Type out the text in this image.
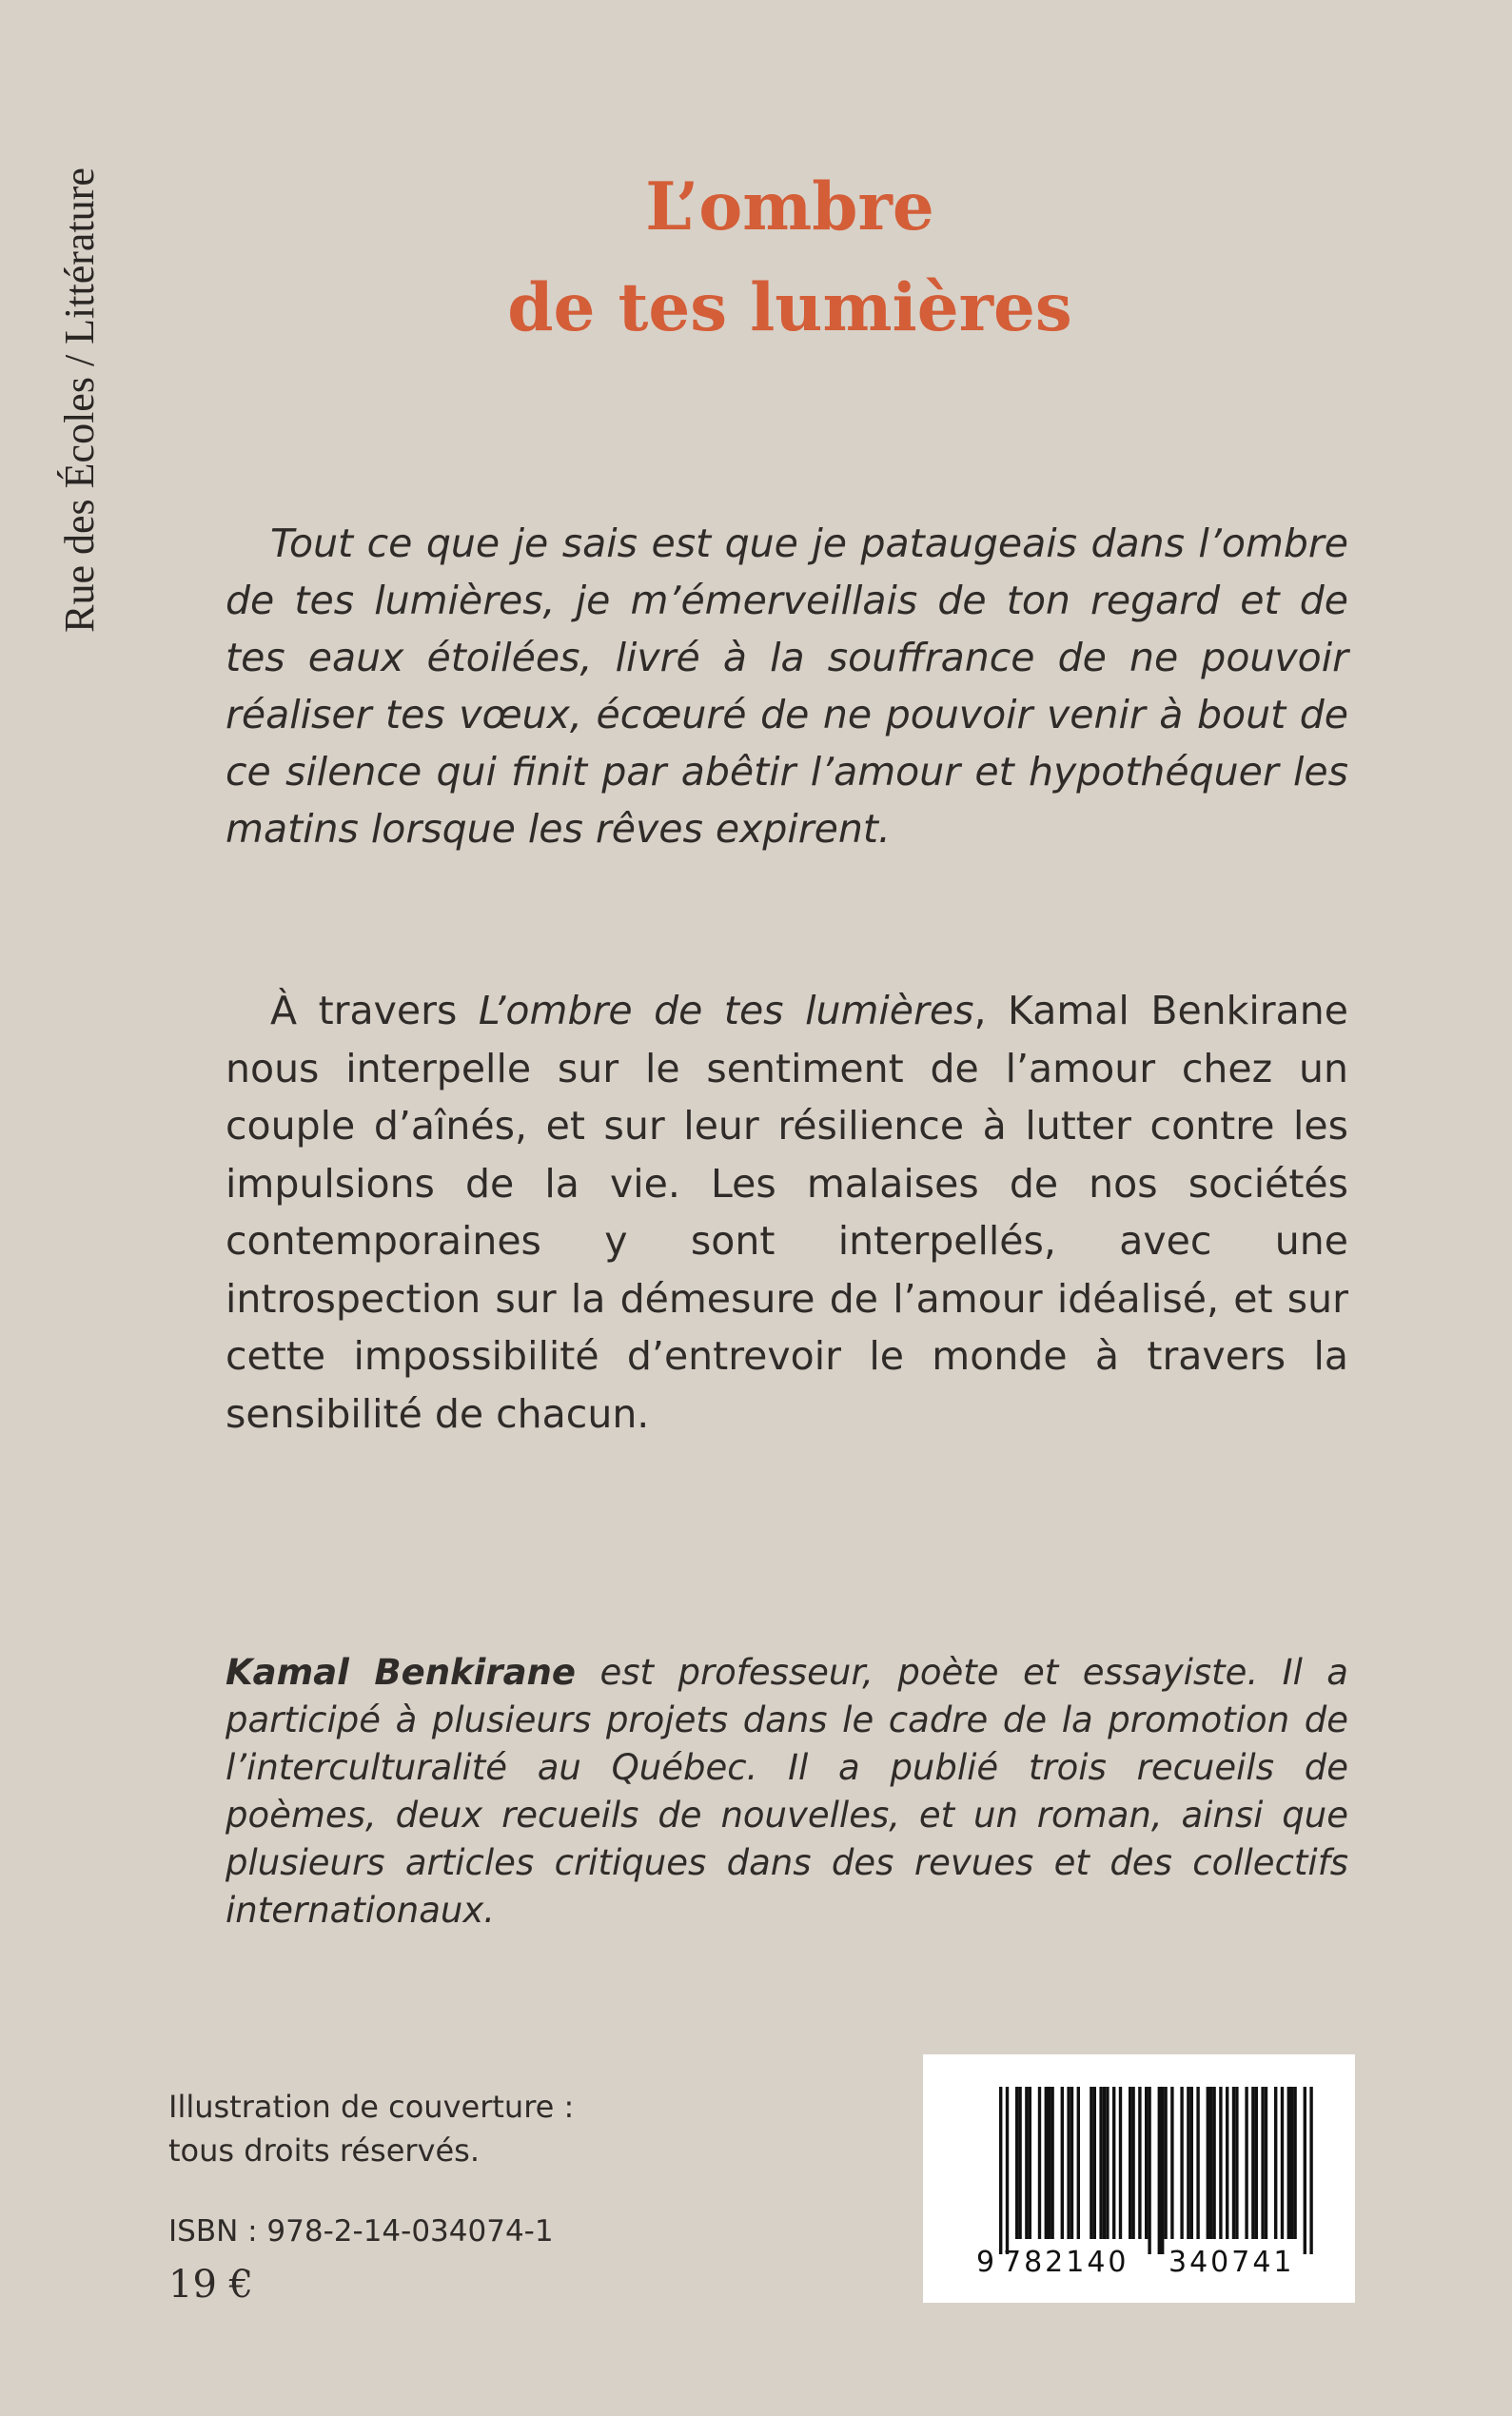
Rue des Écoles / Littérature	L’ombre
de tes lumières

Tout ce que je sais est que je pataugeais dans l’ombre de tes lumières, je m’émerveillais de ton regard et de tes eaux étoilées, livré à la souffrance de ne pouvoir réaliser tes vœux, écœuré de ne pouvoir venir à bout de ce silence qui finit par abêtir l’amour et hypothéquer les matins lorsque les rêves expirent.

À travers L’ombre de tes lumières, Kamal Benkirane nous interpelle sur le sentiment de l’amour chez un couple d’aînés, et sur leur résilience à lutter contre les impulsions de la vie. Les malaises de nos sociétés contemporaines y sont interpellés, avec une introspection sur la démesure de l’amour idéalisé, et sur cette impossibilité d’entrevoir le monde à travers la sensibilité de chacun.

Kamal Benkirane est professeur, poète et essayiste. Il a participé à plusieurs projets dans le cadre de la promotion de l’interculturalité au Québec. Il a publié trois recueils de poèmes, deux recueils de nouvelles, et un roman, ainsi que plusieurs articles critiques dans des revues et des collectifs internationaux.

Illustration de couverture :
tous droits réservés.
ISBN : 978-2-14-034074-1
19 €
9 782140 340741
